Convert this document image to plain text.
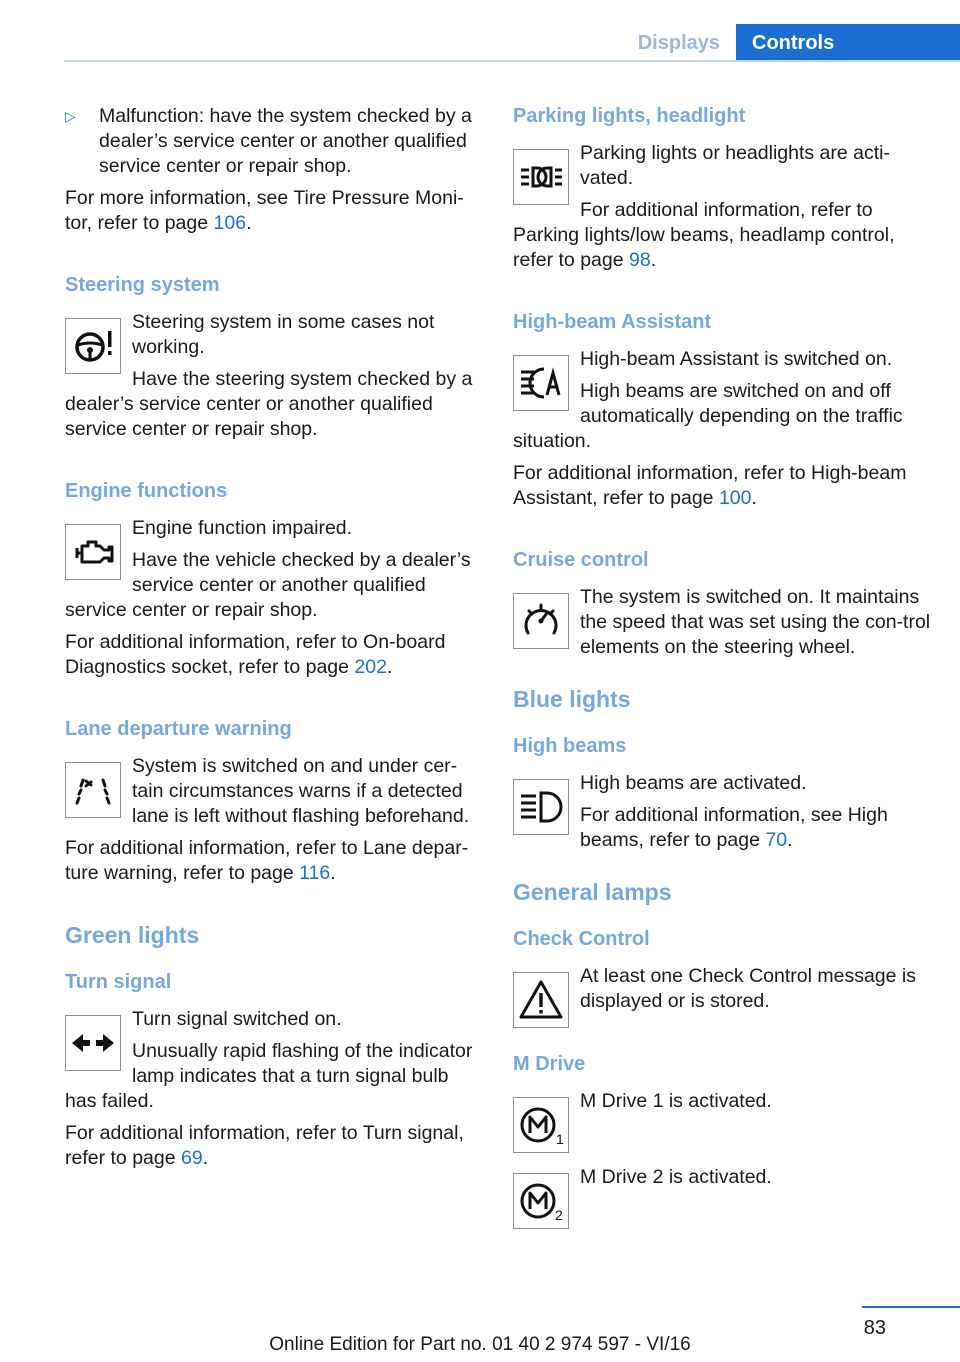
Displays	Controls

▷ Malfunction: have the system checked by a dealer’s service center or another qualified service center or repair shop.

For more information, see Tire Pressure Moni-tor, refer to page 106.

Steering system

Steering system in some cases not working.

Have the steering system checked by a dealer’s service center or another qualified service center or repair shop.

Engine functions

Engine function impaired.

Have the vehicle checked by a dealer’s service center or another qualified service center or repair shop.

For additional information, refer to On-board Diagnostics socket, refer to page 202.

Lane departure warning

System is switched on and under cer-tain circumstances warns if a detected lane is left without flashing beforehand.

For additional information, refer to Lane depar-ture warning, refer to page 116.

Green lights
Turn signal

Turn signal switched on.

Unusually rapid flashing of the indicator lamp indicates that a turn signal bulb has failed.

For additional information, refer to Turn signal, refer to page 69.

Parking lights, headlight

Parking lights or headlights are acti-vated.

For additional information, refer to Parking lights/low beams, headlamp control, refer to page 98.

High-beam Assistant

High-beam Assistant is switched on.

High beams are switched on and off automatically depending on the traffic situation.

For additional information, refer to High-beam Assistant, refer to page 100.

Cruise control

The system is switched on. It maintains the speed that was set using the con-trol elements on the steering wheel.

Blue lights
High beams

High beams are activated.

For additional information, see High beams, refer to page 70.

General lamps
Check Control

At least one Check Control message is displayed or is stored.

M Drive
1

M Drive 1 is activated.

2

M Drive 2 is activated.

83
Online Edition for Part no. 01 40 2 974 597 - VI/16
